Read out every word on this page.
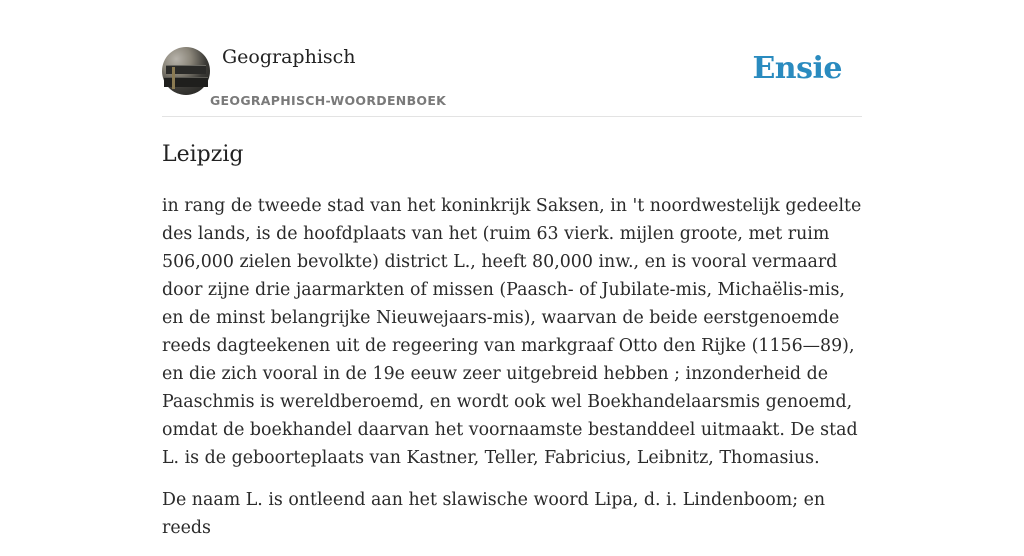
Geographisch
GEOGRAPHISCH-WOORDENBOEK
Ensie
Leipzig

in rang de tweede stad van het koninkrijk Saksen, in 't noordwestelijk gedeelte des lands, is de hoofdplaats van het (ruim 63 vierk. mijlen groote, met ruim 506,000 zielen bevolkte) district L., heeft 80,000 inw., en is vooral vermaard door zijne drie jaarmarkten of missen (Paasch- of Jubilate-mis, Michaëlis-mis, en de minst belangrijke Nieuwejaars-mis), waarvan de beide eerstgenoemde reeds dagteekenen uit de regeering van markgraaf Otto den Rijke (1156—89), en die zich vooral in de 19e eeuw zeer uitgebreid hebben ; inzonderheid de Paaschmis is wereldberoemd, en wordt ook wel Boekhandelaarsmis genoemd, omdat de boekhandel daarvan het voornaamste bestanddeel uitmaakt. De stad L. is de geboorteplaats van Kastner, Teller, Fabricius, Leibnitz, Thomasius.

De naam L. is ontleend aan het slawische woord Lipa, d. i. Lindenboom; en reeds
